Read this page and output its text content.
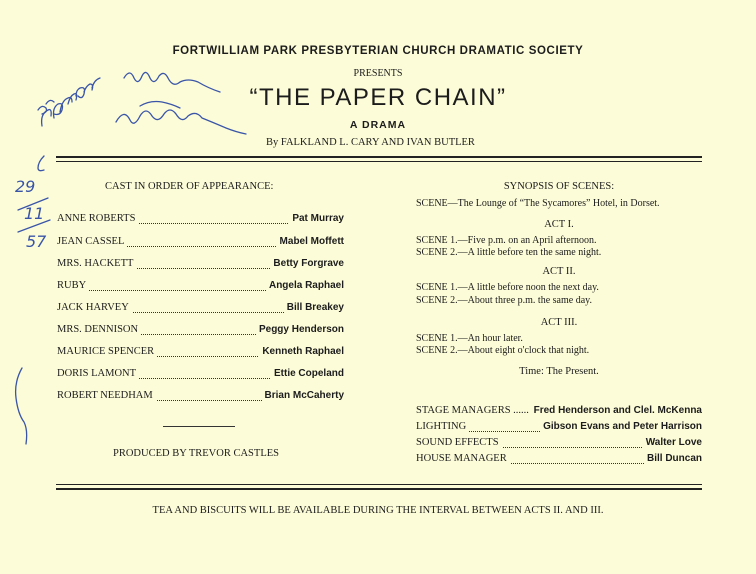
29
11
57
FORTWILLIAM PARK PRESBYTERIAN CHURCH DRAMATIC SOCIETY
PRESENTS
“THE PAPER CHAIN”
A DRAMA
By FALKLAND L. CARY AND IVAN BUTLER
CAST IN ORDER OF APPEARANCE:
ANNE ROBERTS	Pat Murray
JEAN CASSEL	Mabel Moffett
MRS. HACKETT	Betty Forgrave
RUBY	Angela Raphael
JACK HARVEY	Bill Breakey
MRS. DENNISON	Peggy Henderson
MAURICE SPENCER	Kenneth Raphael
DORIS LAMONT	Ettie Copeland
ROBERT NEEDHAM	Brian McCaherty
PRODUCED BY TREVOR CASTLES
SYNOPSIS OF SCENES:
SCENE—The Lounge of “The Sycamores” Hotel, in Dorset.
ACT I.
SCENE 1.—Five p.m. on an April afternoon.
SCENE 2.—A little before ten the same night.
ACT II.
SCENE 1.—A little before noon the next day.
SCENE 2.—About three p.m. the same day.
ACT III.
SCENE 1.—An hour later.
SCENE 2.—About eight o'clock that night.
Time: The Present.
STAGE MANAGERS ...... Fred Henderson and Clel. McKenna
LIGHTING	Gibson Evans and Peter Harrison
SOUND EFFECTS	Walter Love
HOUSE MANAGER	Bill Duncan
TEA AND BISCUITS WILL BE AVAILABLE DURING THE INTERVAL BETWEEN ACTS II. AND III.
